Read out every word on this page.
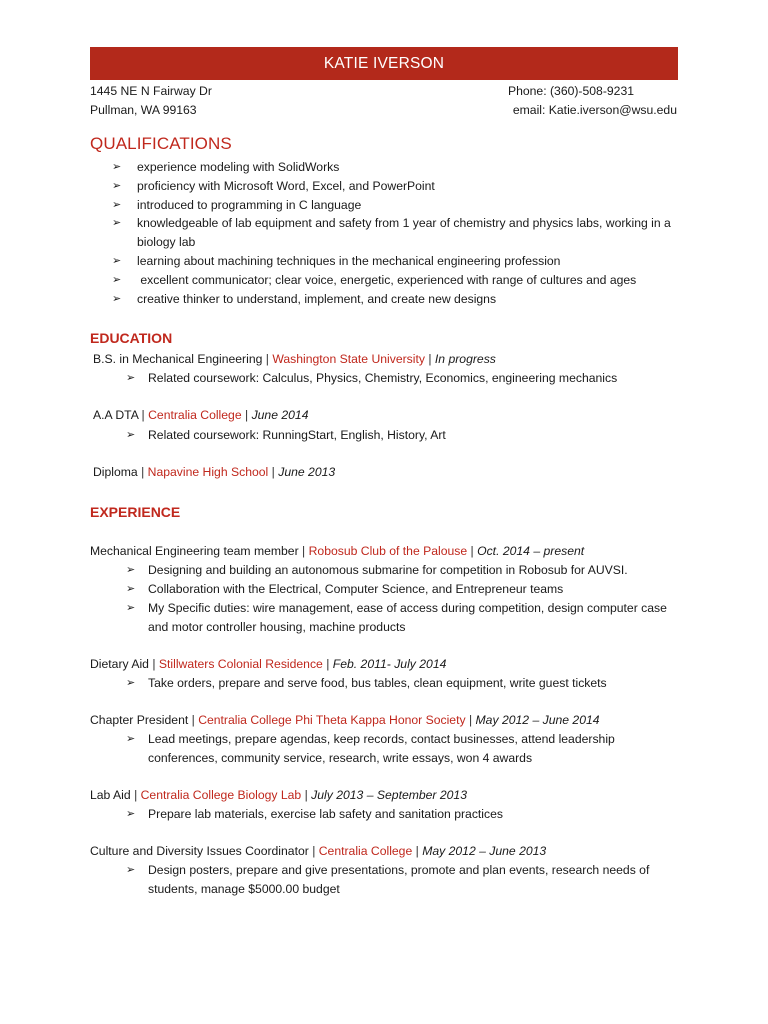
KATIE IVERSON
1445 NE N Fairway Dr
Pullman, WA 99163
Phone: (360)-508-9231
email: Katie.iverson@wsu.edu
QUALIFICATIONS
➢ experience modeling with SolidWorks
➢ proficiency with Microsoft Word, Excel, and PowerPoint
➢ introduced to programming in C language
➢ knowledgeable of lab equipment and safety from 1 year of chemistry and physics labs, working in a biology lab
➢ learning about machining techniques in the mechanical engineering profession
➢ excellent communicator; clear voice, energetic, experienced with range of cultures and ages
➢ creative thinker to understand, implement, and create new designs
EDUCATION
B.S. in Mechanical Engineering | Washington State University | In progress
➢ Related coursework: Calculus, Physics, Chemistry, Economics, engineering mechanics
A.A DTA | Centralia College | June 2014
➢ Related coursework: RunningStart, English, History, Art
Diploma | Napavine High School | June 2013
EXPERIENCE
Mechanical Engineering team member | Robosub Club of the Palouse | Oct. 2014 – present
➢ Designing and building an autonomous submarine for competition in Robosub for AUVSI.
➢ Collaboration with the Electrical, Computer Science, and Entrepreneur teams
➢ My Specific duties: wire management, ease of access during competition, design computer case and motor controller housing, machine products
Dietary Aid | Stillwaters Colonial Residence | Feb. 2011- July 2014
➢ Take orders, prepare and serve food, bus tables, clean equipment, write guest tickets
Chapter President | Centralia College Phi Theta Kappa Honor Society | May 2012 – June 2014
➢ Lead meetings, prepare agendas, keep records, contact businesses, attend leadership conferences, community service, research, write essays, won 4 awards
Lab Aid | Centralia College Biology Lab | July 2013 – September 2013
➢ Prepare lab materials, exercise lab safety and sanitation practices
Culture and Diversity Issues Coordinator | Centralia College | May 2012 – June 2013
➢ Design posters, prepare and give presentations, promote and plan events, research needs of students, manage $5000.00 budget
